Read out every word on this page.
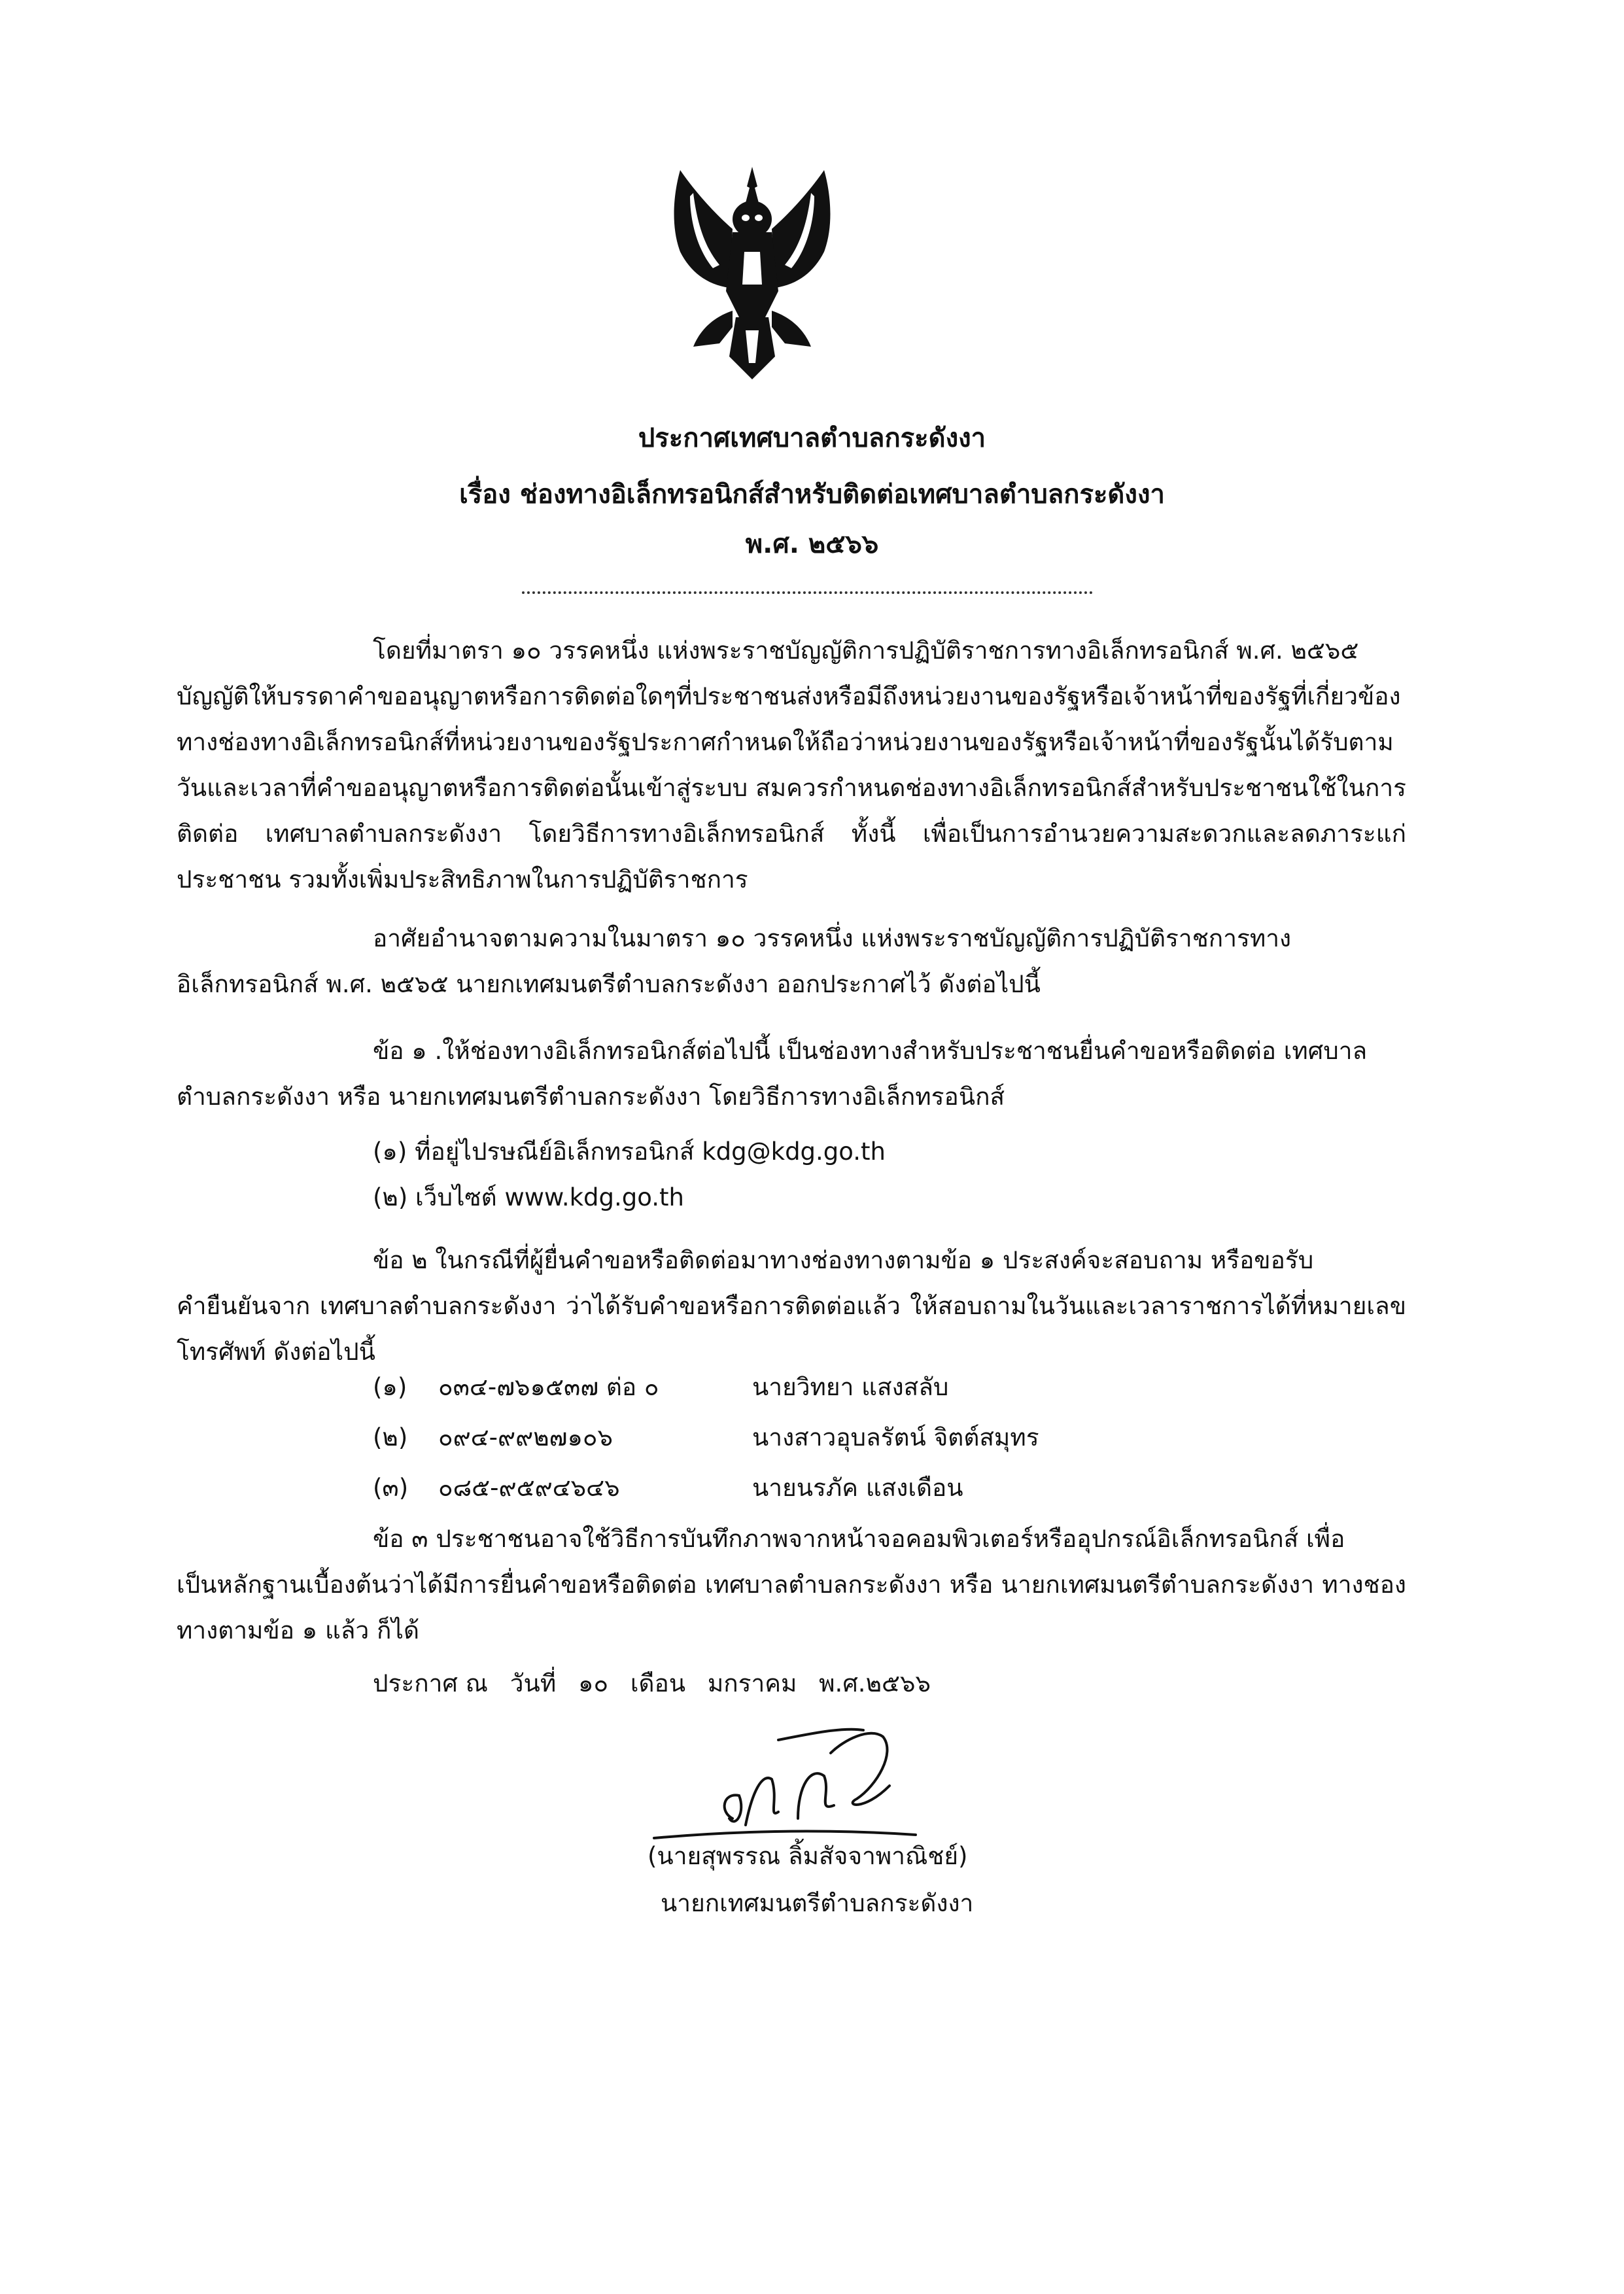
ประกาศเทศบาลตำบลกระดังงา
เรื่อง ช่องทางอิเล็กทรอนิกส์สำหรับติดต่อเทศบาลตำบลกระดังงา
พ.ศ. ๒๕๖๖
โดยที่มาตรา ๑๐ วรรคหนึ่ง แห่งพระราชบัญญัติการปฏิบัติราชการทางอิเล็กทรอนิกส์ พ.ศ. ๒๕๖๕
บัญญัติให้บรรดาคำขออนุญาตหรือการติดต่อใดๆที่ประชาชนส่งหรือมีถึงหน่วยงานของรัฐหรือเจ้าหน้าที่ของรัฐที่เกี่ยวข้องทางช่องทางอิเล็กทรอนิกส์ที่หน่วยงานของรัฐประกาศกำหนดให้ถือว่าหน่วยงานของรัฐหรือเจ้าหน้าที่ของรัฐนั้นได้รับตามวันและเวลาที่คำขออนุญาตหรือการติดต่อนั้นเข้าสู่ระบบ สมควรกำหนดช่องทางอิเล็กทรอนิกส์สำหรับประชาชนใช้ในการติดต่อ เทศบาลตำบลกระดังงา โดยวิธีการทางอิเล็กทรอนิกส์ ทั้งนี้ เพื่อเป็นการอำนวยความสะดวกและลดภาระแก่ประชาชน รวมทั้งเพิ่มประสิทธิภาพในการปฏิบัติราชการ
อาศัยอำนาจตามความในมาตรา ๑๐ วรรคหนึ่ง แห่งพระราชบัญญัติการปฏิบัติราชการทาง
อิเล็กทรอนิกส์ พ.ศ. ๒๕๖๕ นายกเทศมนตรีตำบลกระดังงา ออกประกาศไว้ ดังต่อไปนี้
ข้อ ๑ .ให้ช่องทางอิเล็กทรอนิกส์ต่อไปนี้ เป็นช่องทางสำหรับประชาชนยื่นคำขอหรือติดต่อ เทศบาล
ตำบลกระดังงา หรือ นายกเทศมนตรีตำบลกระดังงา โดยวิธีการทางอิเล็กทรอนิกส์
(๑) ที่อยู่ไปรษณีย์อิเล็กทรอนิกส์ kdg@kdg.go.th
(๒) เว็บไซต์ www.kdg.go.th
ข้อ ๒ ในกรณีที่ผู้ยื่นคำขอหรือติดต่อมาทางช่องทางตามข้อ ๑ ประสงค์จะสอบถาม หรือขอรับ
คำยืนยันจาก เทศบาลตำบลกระดังงา ว่าได้รับคำขอหรือการติดต่อแล้ว ให้สอบถามในวันและเวลาราชการได้ที่หมายเลขโทรศัพท์ ดังต่อไปนี้
(๑) ๐๓๔-๗๖๑๕๓๗ ต่อ ๐	นายวิทยา แสงสลับ
(๒) ๐๙๔-๙๙๒๗๑๐๖	นางสาวอุบลรัตน์ จิตต์สมุทร
(๓) ๐๘๕-๙๕๙๔๖๔๖	นายนรภัค แสงเดือน
ข้อ ๓ ประชาชนอาจใช้วิธีการบันทึกภาพจากหน้าจอคอมพิวเตอร์หรืออุปกรณ์อิเล็กทรอนิกส์ เพื่อ
เป็นหลักฐานเบื้องต้นว่าได้มีการยื่นคำขอหรือติดต่อ เทศบาลตำบลกระดังงา หรือ นายกเทศมนตรีตำบลกระดังงา ทางชองทางตามข้อ ๑ แล้ว ก็ได้
ประกาศ ณ วันที่ ๑๐ เดือน มกราคม พ.ศ.๒๕๖๖
(นายสุพรรณ ลิ้มสัจจาพาณิชย์)
นายกเทศมนตรีตำบลกระดังงา
